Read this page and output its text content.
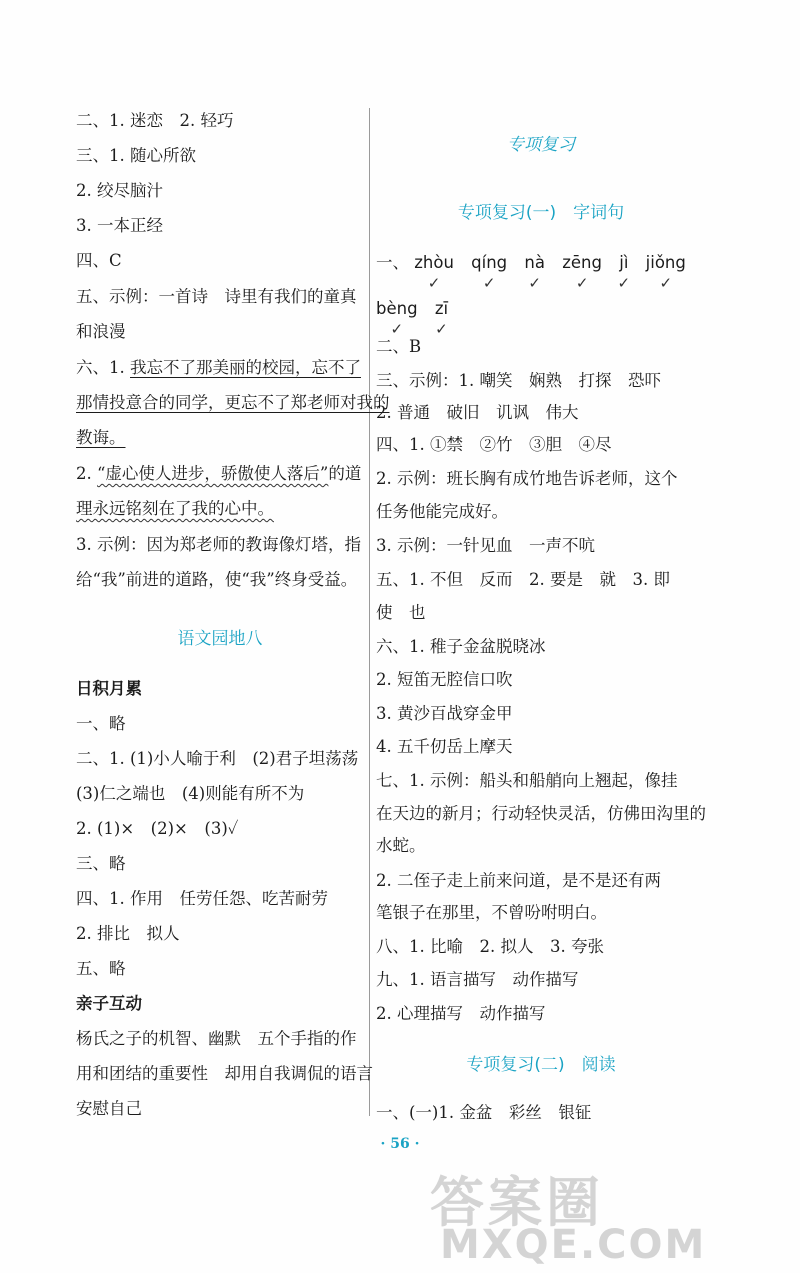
二、1. 迷恋　2. 轻巧
三、1. 随心所欲
2. 绞尽脑汁
3. 一本正经
四、C
五、示例：一首诗　诗里有我们的童真
和浪漫
六、1. 我忘不了那美丽的校园，忘不了
那情投意合的同学，更忘不了郑老师对我的
教诲。
2. “虚心使人进步，骄傲使人落后”的道
理永远铭刻在了我的心中。
3. 示例：因为郑老师的教诲像灯塔，指
给“我”前进的道路，使“我”终身受益。
语文园地八
日积月累
一、略
二、1. (1)小人喻于利　(2)君子坦荡荡
(3)仁之端也　(4)则能有所不为
2. (1)×　(2)×　(3)✓
三、略
四、1. 作用　任劳任怨、吃苦耐劳
2. 排比　拟人
五、略
亲子互动
杨氏之子的机智、幽默　五个手指的作
用和团结的重要性　却用自我调侃的语言
安慰自己
专项复习
专项复习(一)　字词句
一、 zhòu
✓
qíng
✓
nà
✓
zēng
✓
jì
✓
jiǒng
✓
bèng
✓
zī
✓
二、B
三、示例：1. 嘲笑　娴熟　打探　恐吓
2. 普通　破旧　讥讽　伟大
四、1. ①禁　②竹　③胆　④尽
2. 示例：班长胸有成竹地告诉老师，这个
任务他能完成好。
3. 示例：一针见血　一声不吭
五、1. 不但　反而　2. 要是　就　3. 即
使　也
六、1. 稚子金盆脱晓冰
2. 短笛无腔信口吹
3. 黄沙百战穿金甲
4. 五千仞岳上摩天
七、1. 示例：船头和船艄向上翘起，像挂
在天边的新月；行动轻快灵活，仿佛田沟里的
水蛇。
2. 二侄子走上前来问道，是不是还有两
笔银子在那里，不曾吩咐明白。
八、1. 比喻　2. 拟人　3. 夸张
九、1. 语言描写　动作描写
2. 心理描写　动作描写
专项复习(二)　阅读
一、(一)1. 金盆　彩丝　银钲
· 56 ·
答案圈
MXQE.COM
